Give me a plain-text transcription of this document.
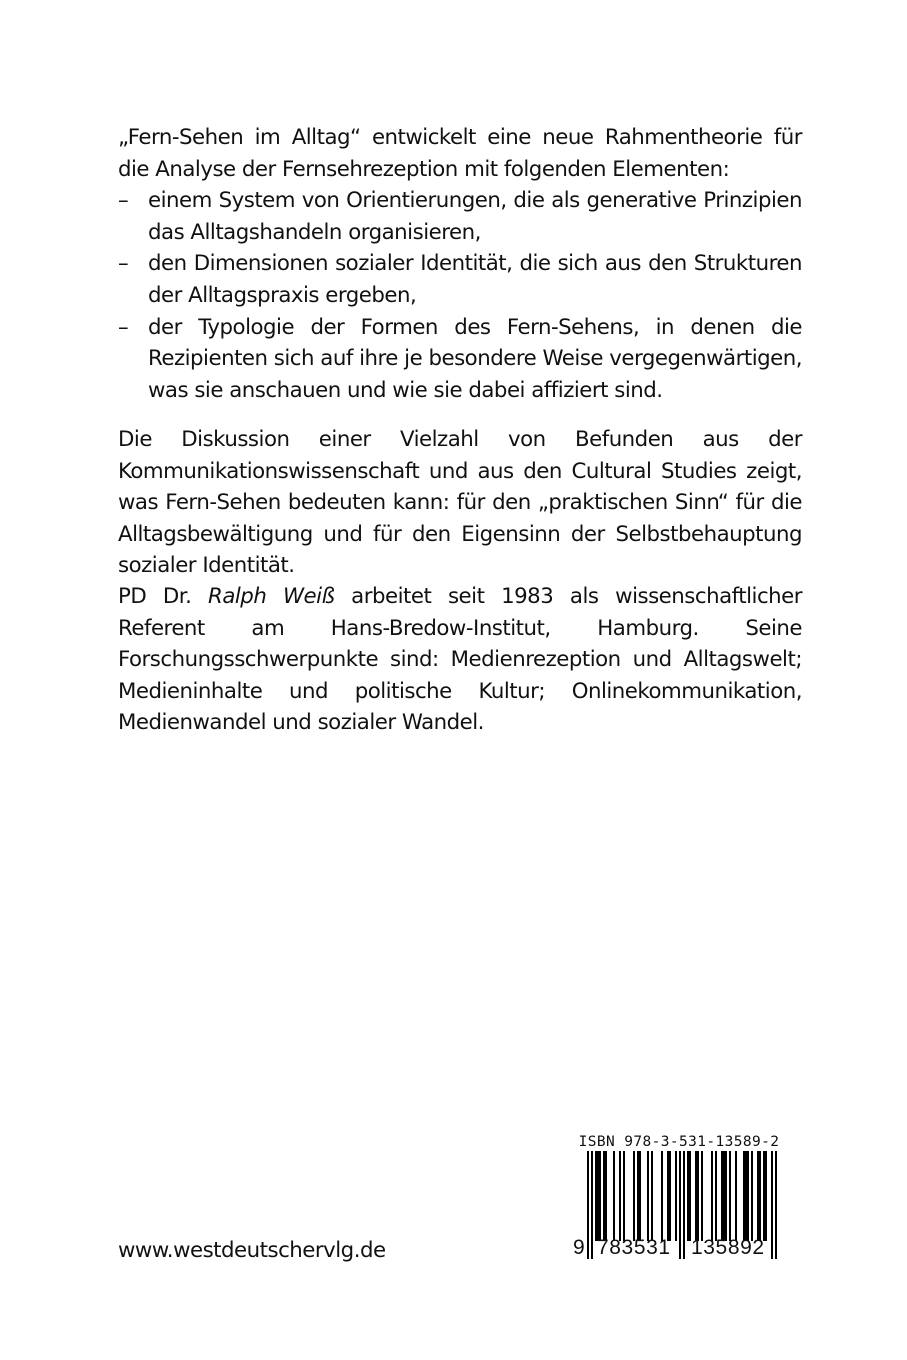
„Fern-Sehen im Alltag“ entwickelt eine neue Rahmentheorie für die Analyse der Fernsehrezeption mit folgenden Elementen:

– einem System von Orientierungen, die als generative Prinzipien das Alltagshandeln organisieren,
– den Dimensionen sozialer Identität, die sich aus den Strukturen der Alltagspraxis ergeben,
– der Typologie der Formen des Fern-Sehens, in denen die Rezipienten sich auf ihre je besondere Weise vergegenwärtigen, was sie anschauen und wie sie dabei affiziert sind.

Die Diskussion einer Vielzahl von Befunden aus der Kommunikationswissenschaft und aus den Cultural Studies zeigt, was Fern-Sehen bedeuten kann: für den „praktischen Sinn“ für die Alltagsbewältigung und für den Eigensinn der Selbstbehauptung sozialer Identität.

PD Dr. Ralph Weiß arbeitet seit 1983 als wissenschaftlicher Referent am Hans-Bredow-Institut, Hamburg. Seine Forschungsschwerpunkte sind: Medienrezeption und Alltagswelt; Medieninhalte und politische Kultur; Onlinekommunikation, Medienwandel und sozialer Wandel.

www.westdeutschervlg.de
ISBN 978-3-531-13589-2
9 783531 135892
